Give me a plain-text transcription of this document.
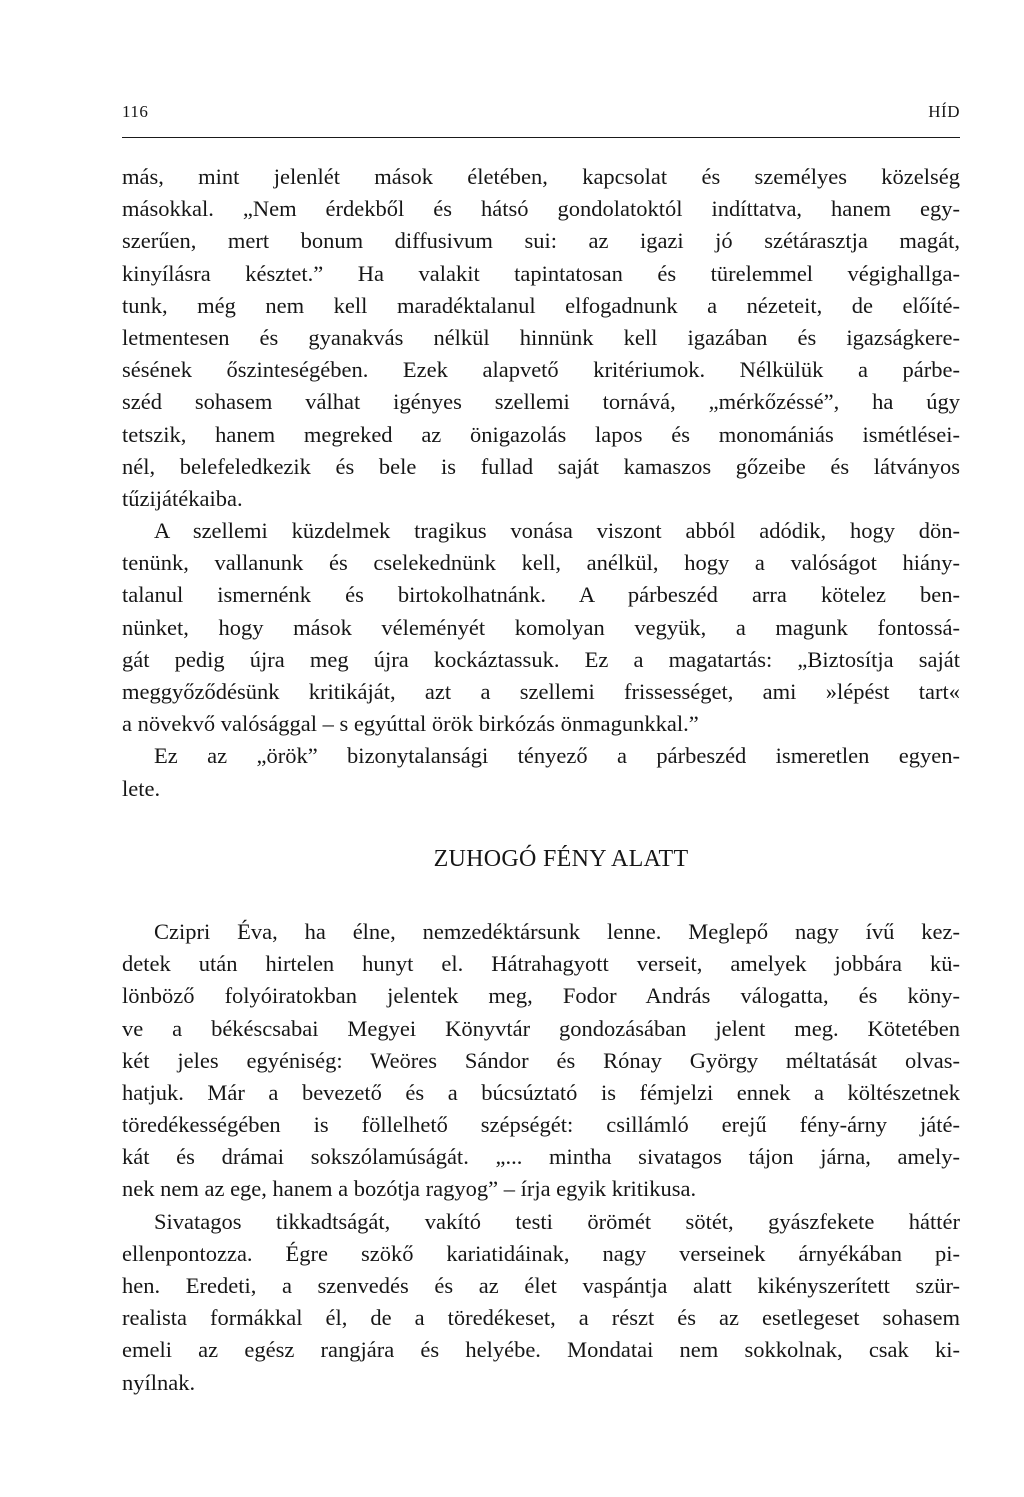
116	HÍD
más, mint jelenlét mások életében, kapcsolat és személyes közelség
másokkal. „Nem érdekből és hátsó gondolatoktól indíttatva, hanem egy-
szerűen, mert bonum diffusivum sui: az igazi jó szétárasztja magát,
kinyílásra késztet.” Ha valakit tapintatosan és türelemmel végighallga-
tunk, még nem kell maradéktalanul elfogadnunk a nézeteit, de előíté-
letmentesen és gyanakvás nélkül hinnünk kell igazában és igazságkere-
sésének őszinteségében. Ezek alapvető kritériumok. Nélkülük a párbe-
széd sohasem válhat igényes szellemi tornává, „mérkőzéssé”, ha úgy
tetszik, hanem megreked az önigazolás lapos és monomániás ismétlései-
nél, belefeledkezik és bele is fullad saját kamaszos gőzeibe és látványos
tűzijátékaiba.
A szellemi küzdelmek tragikus vonása viszont abból adódik, hogy dön-
tenünk, vallanunk és cselekednünk kell, anélkül, hogy a valóságot hiány-
talanul ismernénk és birtokolhatnánk. A párbeszéd arra kötelez ben-
nünket, hogy mások véleményét komolyan vegyük, a magunk fontossá-
gát pedig újra meg újra kockáztassuk. Ez a magatartás: „Biztosítja saját
meggyőződésünk kritikáját, azt a szellemi frissességet, ami »lépést tart«
a növekvő valósággal – s egyúttal örök birkózás önmagunkkal.”
Ez az „örök” bizonytalansági tényező a párbeszéd ismeretlen egyen-
lete.
ZUHOGÓ FÉNY ALATT
Czipri Éva, ha élne, nemzedéktársunk lenne. Meglepő nagy ívű kez-
detek után hirtelen hunyt el. Hátrahagyott verseit, amelyek jobbára kü-
lönböző folyóiratokban jelentek meg, Fodor András válogatta, és köny-
ve a békéscsabai Megyei Könyvtár gondozásában jelent meg. Kötetében
két jeles egyéniség: Weöres Sándor és Rónay György méltatását olvas-
hatjuk. Már a bevezető és a búcsúztató is fémjelzi ennek a költészetnek
töredékességében is föllelhető szépségét: csillámló erejű fény-árny játé-
kát és drámai sokszólamúságát. „... mintha sivatagos tájon járna, amely-
nek nem az ege, hanem a bozótja ragyog” – írja egyik kritikusa.
Sivatagos tikkadtságát, vakító testi örömét sötét, gyászfekete háttér
ellenpontozza. Égre szökő kariatidáinak, nagy verseinek árnyékában pi-
hen. Eredeti, a szenvedés és az élet vaspántja alatt kikényszerített szür-
realista formákkal él, de a töredékeset, a részt és az esetlegeset sohasem
emeli az egész rangjára és helyébe. Mondatai nem sokkolnak, csak ki-
nyílnak.
